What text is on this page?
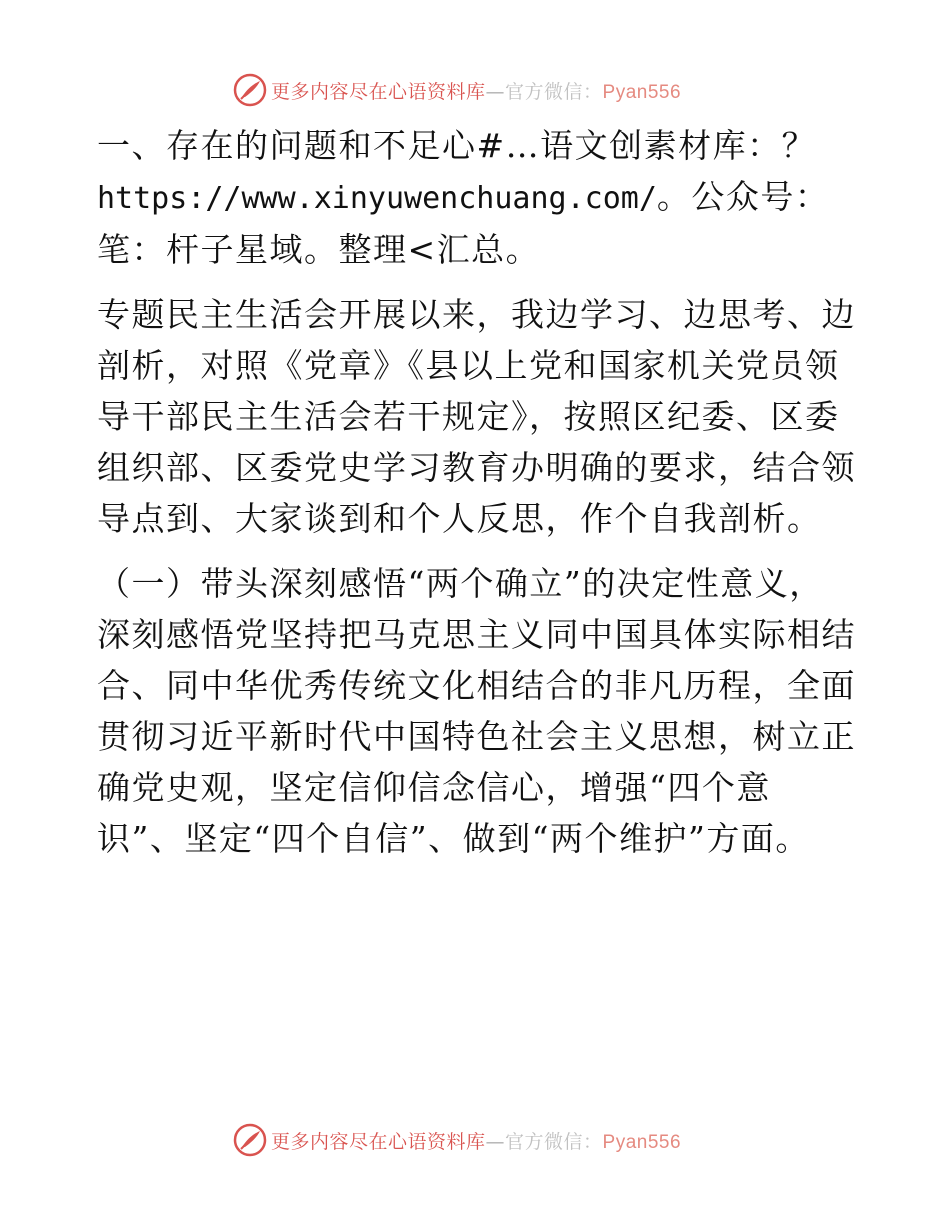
更多内容尽在心语资料库—官方微信：Pyan556

一、存在的问题和不足心#…语文创素材库：？
https://www.xinyuwenchuang.com/。公众号：笔：杆子星域。整理<汇总。

专题民主生活会开展以来，我边学习、边思考、边剖析，对照《党章》《县以上党和国家机关党员领导干部民主生活会若干规定》，按照区纪委、区委组织部、区委党史学习教育办明确的要求，结合领导点到、大家谈到和个人反思，作个自我剖析。

（一）带头深刻感悟“两个确立”的决定性意义，深刻感悟党坚持把马克思主义同中国具体实际相结合、同中华优秀传统文化相结合的非凡历程，全面贯彻习近平新时代中国特色社会主义思想，树立正确党史观，坚定信仰信念信心，增强“四个意识”、坚定“四个自信”、做到“两个维护”方面。

更多内容尽在心语资料库—官方微信：Pyan556
